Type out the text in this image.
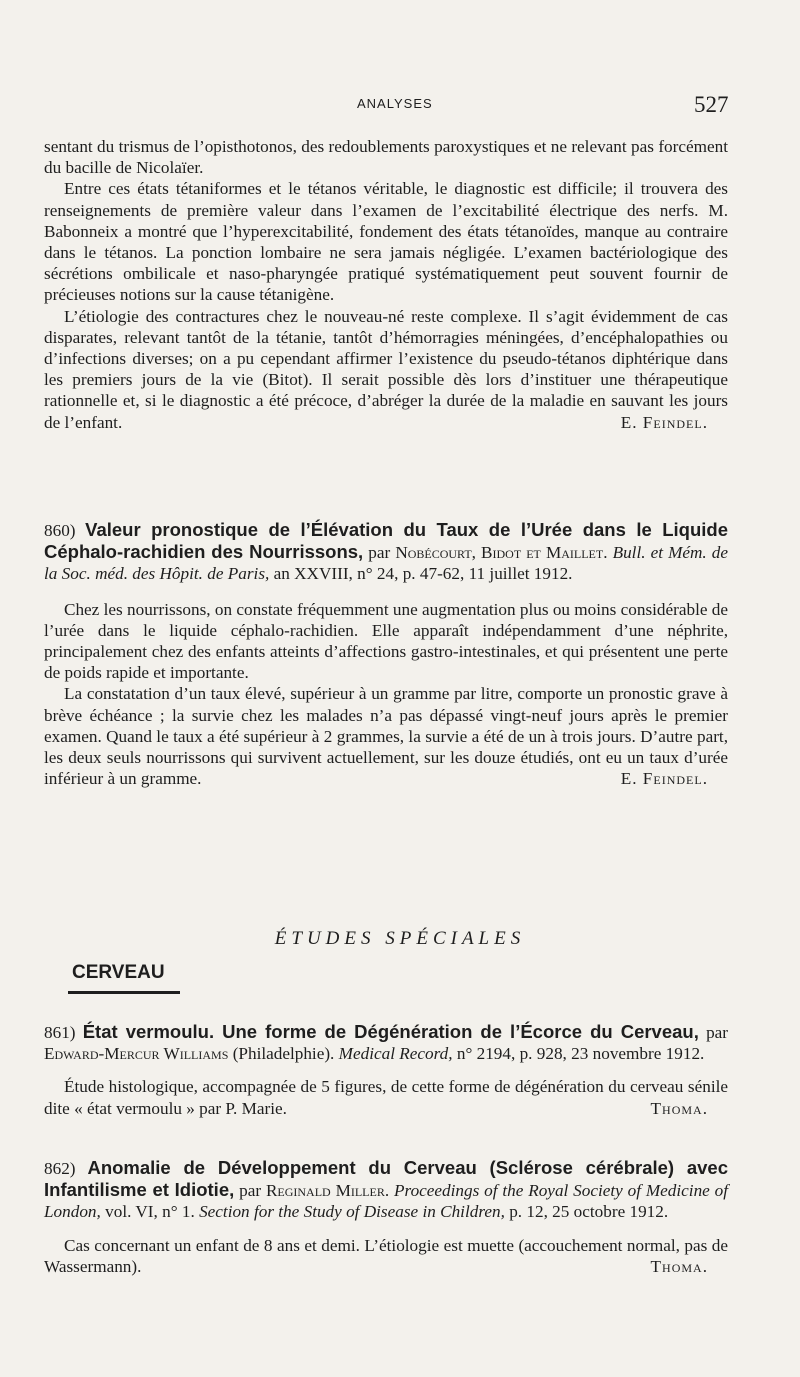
ANALYSES	527

sentant du trismus de l’opisthotonos, des redoublements paroxystiques et ne relevant pas forcément du bacille de Nicolaïer.

Entre ces états tétaniformes et le tétanos véritable, le diagnostic est difficile; il trouvera des renseignements de première valeur dans l’examen de l’excitabilité électrique des nerfs. M. Babonneix a montré que l’hyperexcitabilité, fondement des états tétanoïdes, manque au contraire dans le tétanos. La ponction lombaire ne sera jamais négligée. L’examen bactériologique des sécrétions ombilicale et naso-pharyngée pratiqué systématiquement peut souvent fournir de précieuses notions sur la cause tétanigène.

L’étiologie des contractures chez le nouveau-né reste complexe. Il s’agit évidemment de cas disparates, relevant tantôt de la tétanie, tantôt d’hémorragies méningées, d’encéphalopathies ou d’infections diverses; on a pu cependant affirmer l’existence du pseudo-tétanos diphtérique dans les premiers jours de la vie (Bitot). Il serait possible dès lors d’instituer une thérapeutique rationnelle et, si le diagnostic a été précoce, d’abréger la durée de la maladie en sauvant les jours de l’enfant.	E. Feindel.

860) Valeur pronostique de l’Élévation du Taux de l’Urée dans le Liquide Céphalo-rachidien des Nourrissons, par Nobécourt, Bidot et Maillet. Bull. et Mém. de la Soc. méd. des Hôpit. de Paris, an XXVIII, n° 24, p. 47-62, 11 juillet 1912.

Chez les nourrissons, on constate fréquemment une augmentation plus ou moins considérable de l’urée dans le liquide céphalo-rachidien. Elle apparaît indépendamment d’une néphrite, principalement chez des enfants atteints d’affections gastro-intestinales, et qui présentent une perte de poids rapide et importante.

La constatation d’un taux élevé, supérieur à un gramme par litre, comporte un pronostic grave à brève échéance ; la survie chez les malades n’a pas dépassé vingt-neuf jours après le premier examen. Quand le taux a été supérieur à 2 grammes, la survie a été de un à trois jours. D’autre part, les deux seuls nourrissons qui survivent actuellement, sur les douze étudiés, ont eu un taux d’urée inférieur à un gramme.	E. Feindel.

ÉTUDES SPÉCIALES
CERVEAU

861) État vermoulu. Une forme de Dégénération de l’Écorce du Cerveau, par Edward-Mercur Williams (Philadelphie). Medical Record, n° 2194, p. 928, 23 novembre 1912.

Étude histologique, accompagnée de 5 figures, de cette forme de dégénération du cerveau sénile dite « état vermoulu » par P. Marie.	Thoma.

862) Anomalie de Développement du Cerveau (Sclérose cérébrale) avec Infantilisme et Idiotie, par Reginald Miller. Proceedings of the Royal Society of Medicine of London, vol. VI, n° 1. Section for the Study of Disease in Children, p. 12, 25 octobre 1912.

Cas concernant un enfant de 8 ans et demi. L’étiologie est muette (accouchement normal, pas de Wassermann).	Thoma.
